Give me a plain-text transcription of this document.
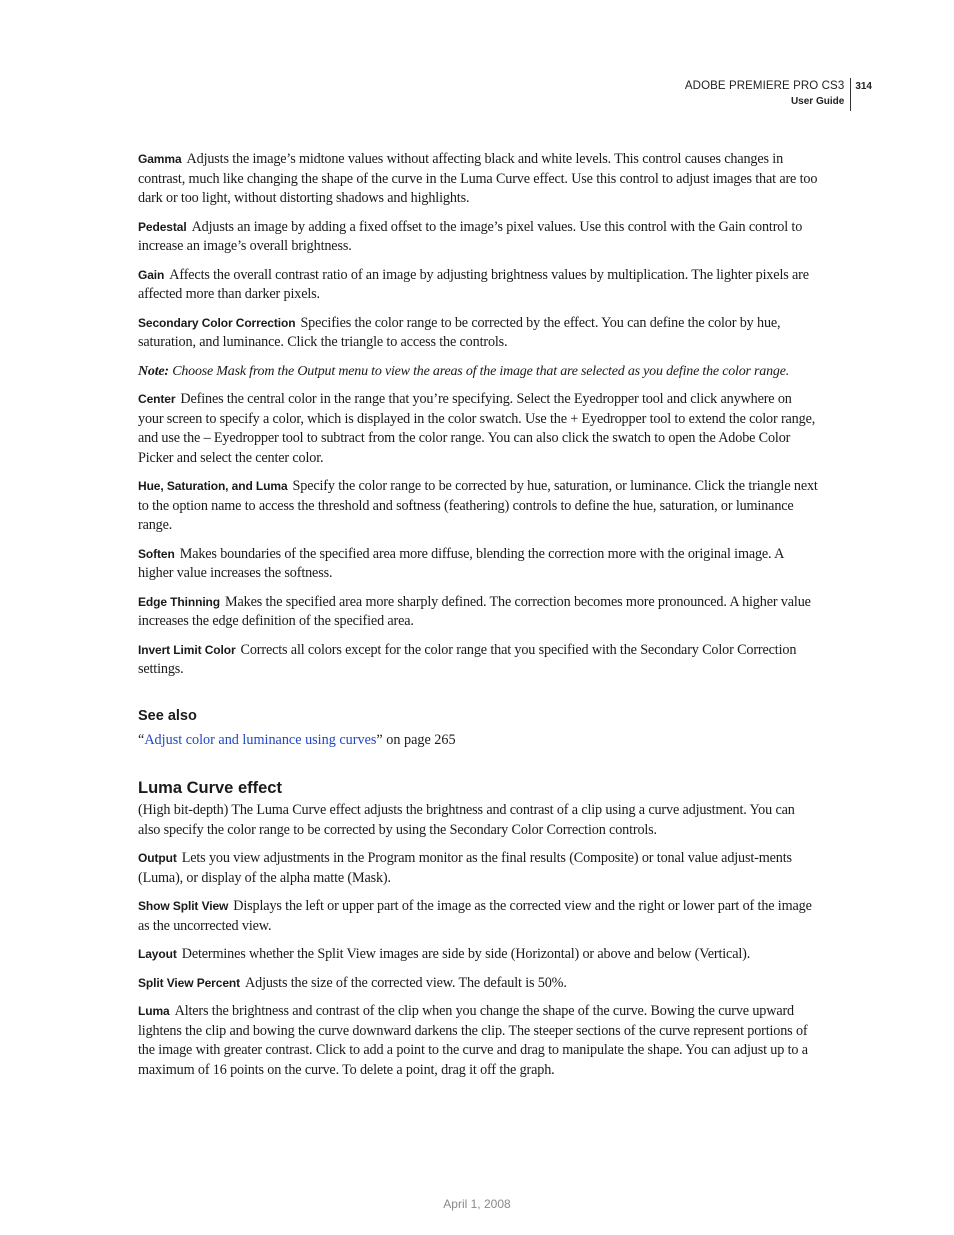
ADOBE PREMIERE PRO CS3
User Guide
314

Gamma Adjusts the image’s midtone values without affecting black and white levels. This control causes changes in contrast, much like changing the shape of the curve in the Luma Curve effect. Use this control to adjust images that are too dark or too light, without distorting shadows and highlights.

Pedestal Adjusts an image by adding a fixed offset to the image’s pixel values. Use this control with the Gain control to increase an image’s overall brightness.

Gain Affects the overall contrast ratio of an image by adjusting brightness values by multiplication. The lighter pixels are affected more than darker pixels.

Secondary Color Correction Specifies the color range to be corrected by the effect. You can define the color by hue, saturation, and luminance. Click the triangle to access the controls.

Note: Choose Mask from the Output menu to view the areas of the image that are selected as you define the color range.

Center Defines the central color in the range that you’re specifying. Select the Eyedropper tool and click anywhere on your screen to specify a color, which is displayed in the color swatch. Use the + Eyedropper tool to extend the color range, and use the – Eyedropper tool to subtract from the color range. You can also click the swatch to open the Adobe Color Picker and select the center color.

Hue, Saturation, and Luma Specify the color range to be corrected by hue, saturation, or luminance. Click the triangle next to the option name to access the threshold and softness (feathering) controls to define the hue, saturation, or luminance range.

Soften Makes boundaries of the specified area more diffuse, blending the correction more with the original image. A higher value increases the softness.

Edge Thinning Makes the specified area more sharply defined. The correction becomes more pronounced. A higher value increases the edge definition of the specified area.

Invert Limit Color Corrects all colors except for the color range that you specified with the Secondary Color Correction settings.

See also

“Adjust color and luminance using curves” on page 265

Luma Curve effect

(High bit-depth) The Luma Curve effect adjusts the brightness and contrast of a clip using a curve adjustment. You can also specify the color range to be corrected by using the Secondary Color Correction controls.

Output Lets you view adjustments in the Program monitor as the final results (Composite) or tonal value adjust-ments (Luma), or display of the alpha matte (Mask).

Show Split View Displays the left or upper part of the image as the corrected view and the right or lower part of the image as the uncorrected view.

Layout Determines whether the Split View images are side by side (Horizontal) or above and below (Vertical).

Split View Percent Adjusts the size of the corrected view. The default is 50%.

Luma Alters the brightness and contrast of the clip when you change the shape of the curve. Bowing the curve upward lightens the clip and bowing the curve downward darkens the clip. The steeper sections of the curve represent portions of the image with greater contrast. Click to add a point to the curve and drag to manipulate the shape. You can adjust up to a maximum of 16 points on the curve. To delete a point, drag it off the graph.

April 1, 2008
